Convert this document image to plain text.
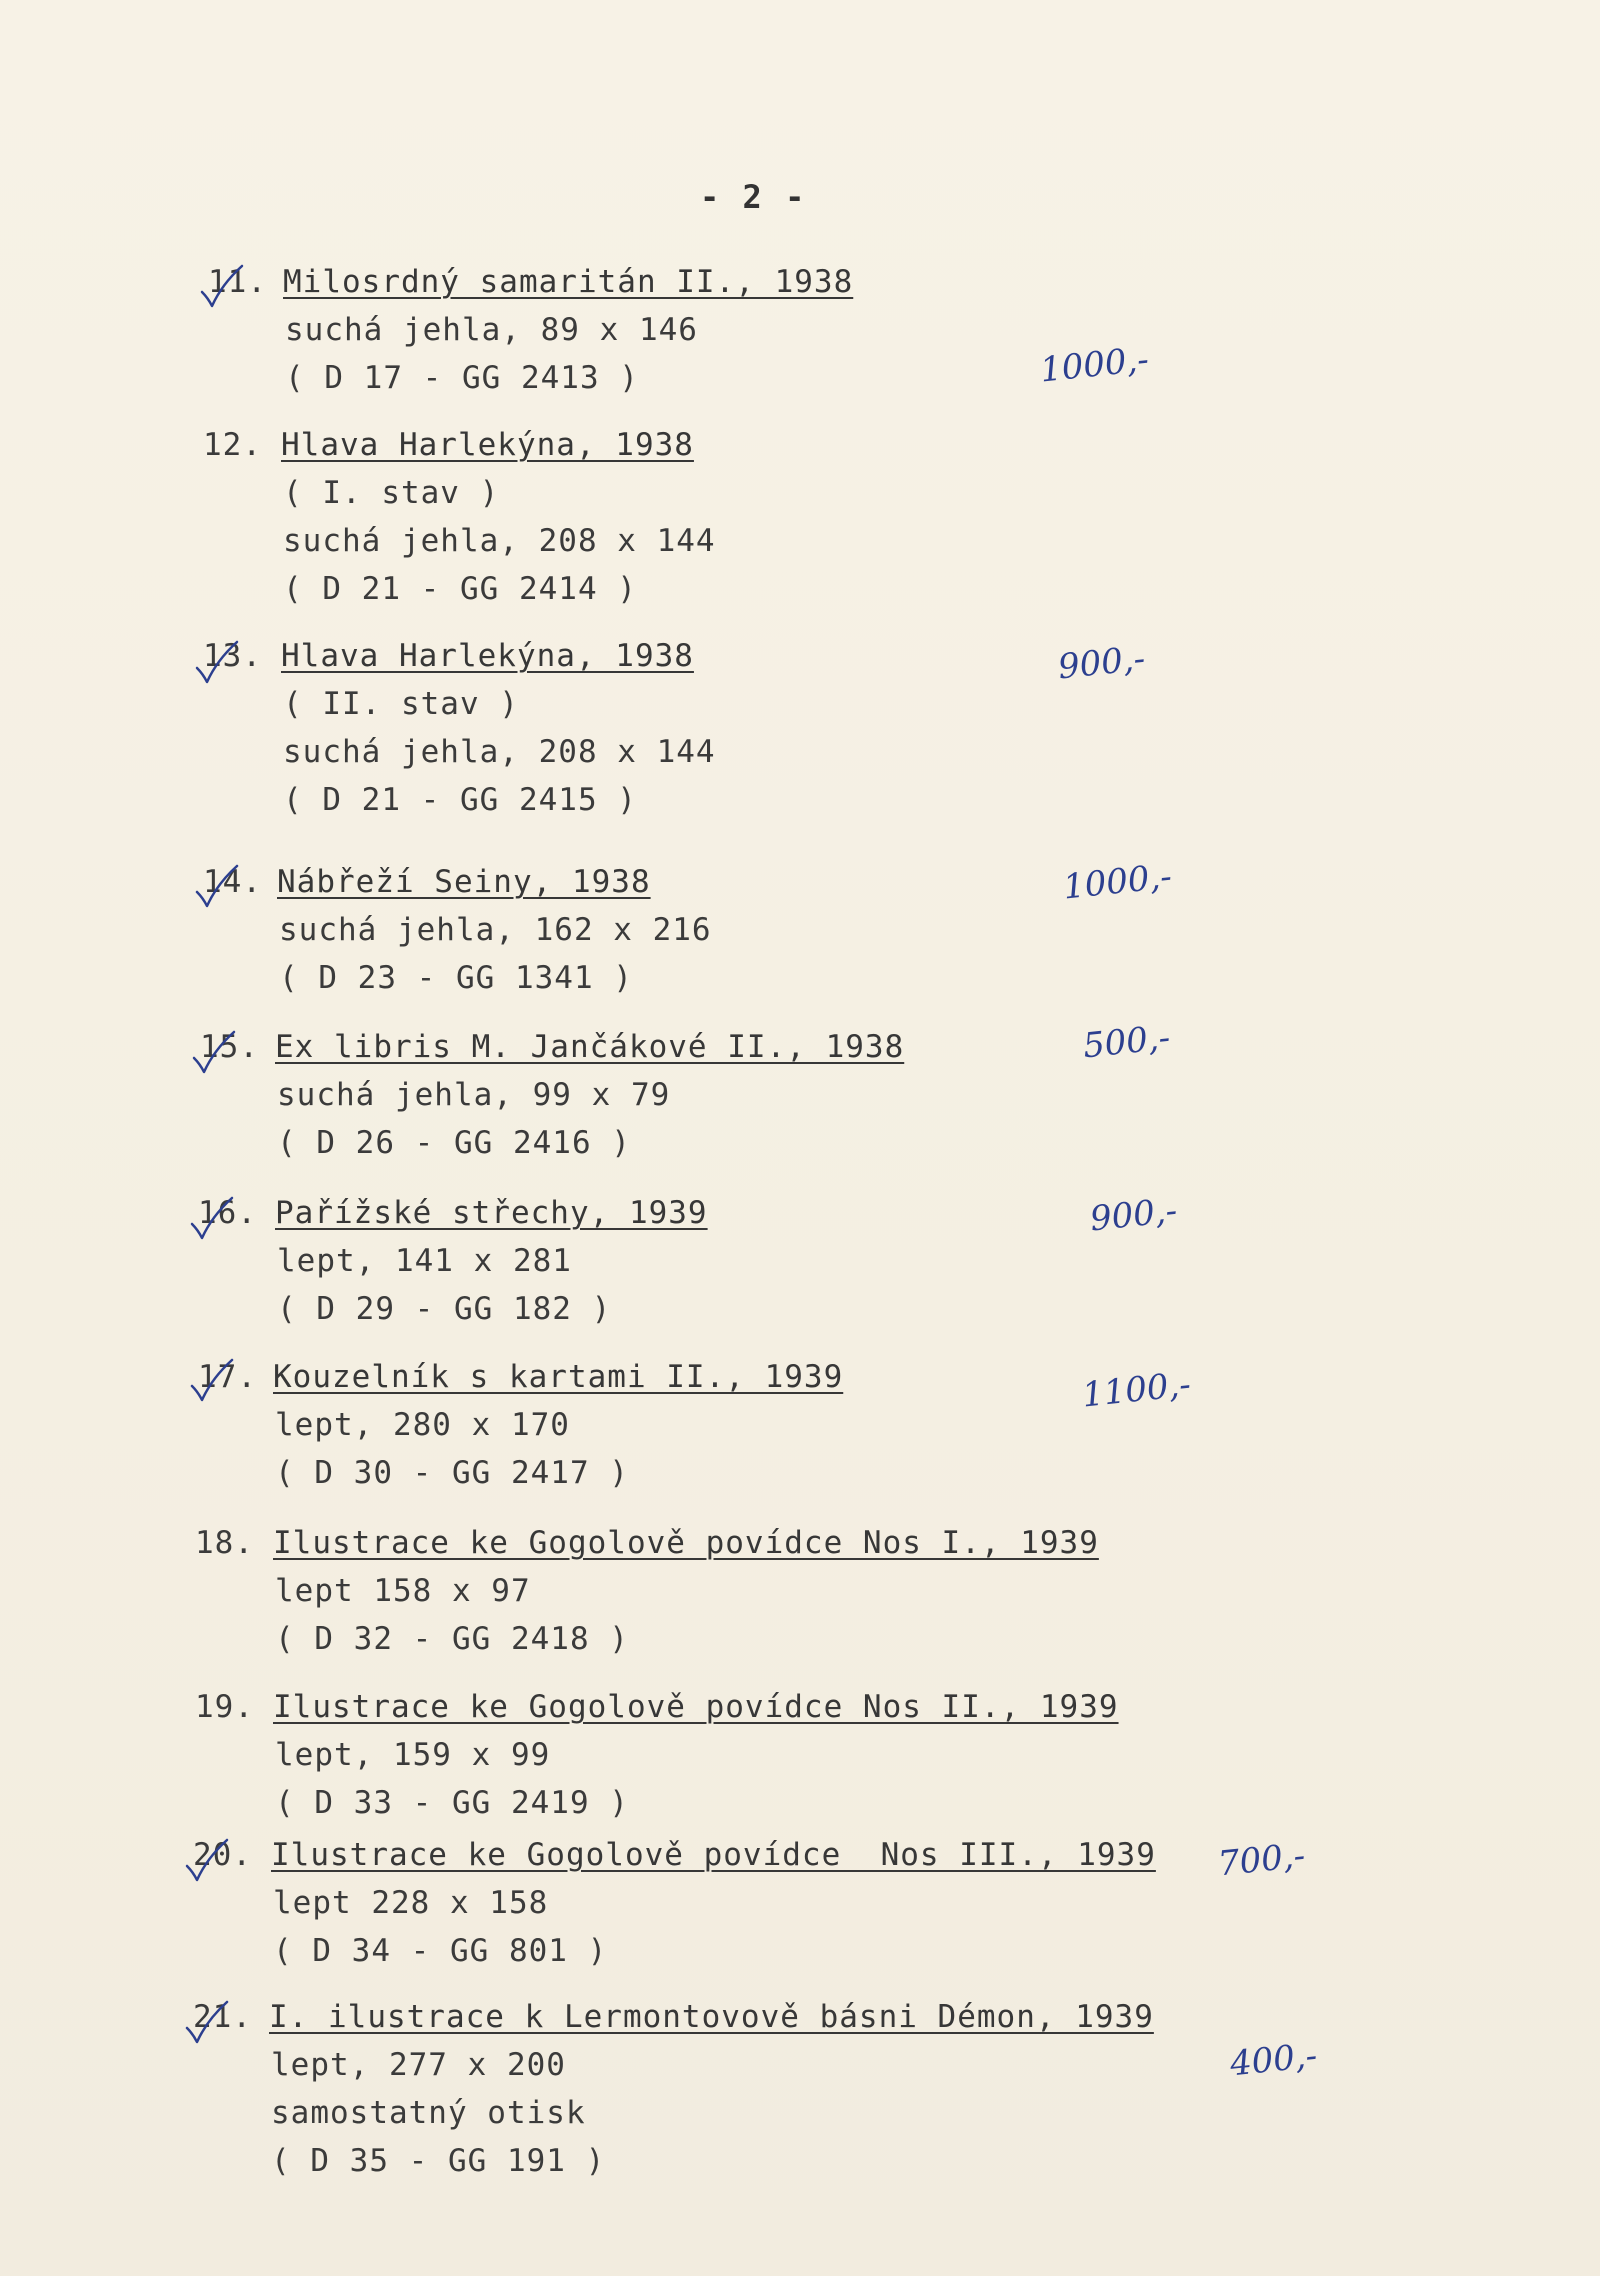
- 2 -
11. Milosrdný samaritán II., 1938
suchá jehla, 89 x 146
( D 17 - GG 2413 )	1000,-
12. Hlava Harlekýna, 1938
( I. stav )
suchá jehla, 208 x 144
( D 21 - GG 2414 )
13. Hlava Harlekýna, 1938
( II. stav )
suchá jehla, 208 x 144
( D 21 - GG 2415 )
900,-
14. Nábřeží Seiny, 1938
suchá jehla, 162 x 216
( D 23 - GG 1341 )
1000,-
15. Ex libris M. Jančákové II., 1938
suchá jehla, 99 x 79
( D 26 - GG 2416 )
500,-
16. Pařížské střechy, 1939
lept, 141 x 281
( D 29 - GG 182 )
900,-
17. Kouzelník s kartami II., 1939
lept, 280 x 170
( D 30 - GG 2417 )
1100,-
18. Ilustrace ke Gogolově povídce Nos I., 1939
lept 158 x 97
( D 32 - GG 2418 )
19. Ilustrace ke Gogolově povídce Nos II., 1939
lept, 159 x 99
( D 33 - GG 2419 )
20. Ilustrace ke Gogolově povídce  Nos III., 1939
lept 228 x 158
( D 34 - GG 801 )
700,-
21. I. ilustrace k Lermontovově básni Démon, 1939
lept, 277 x 200
samostatný otisk
( D 35 - GG 191 )
400,-
